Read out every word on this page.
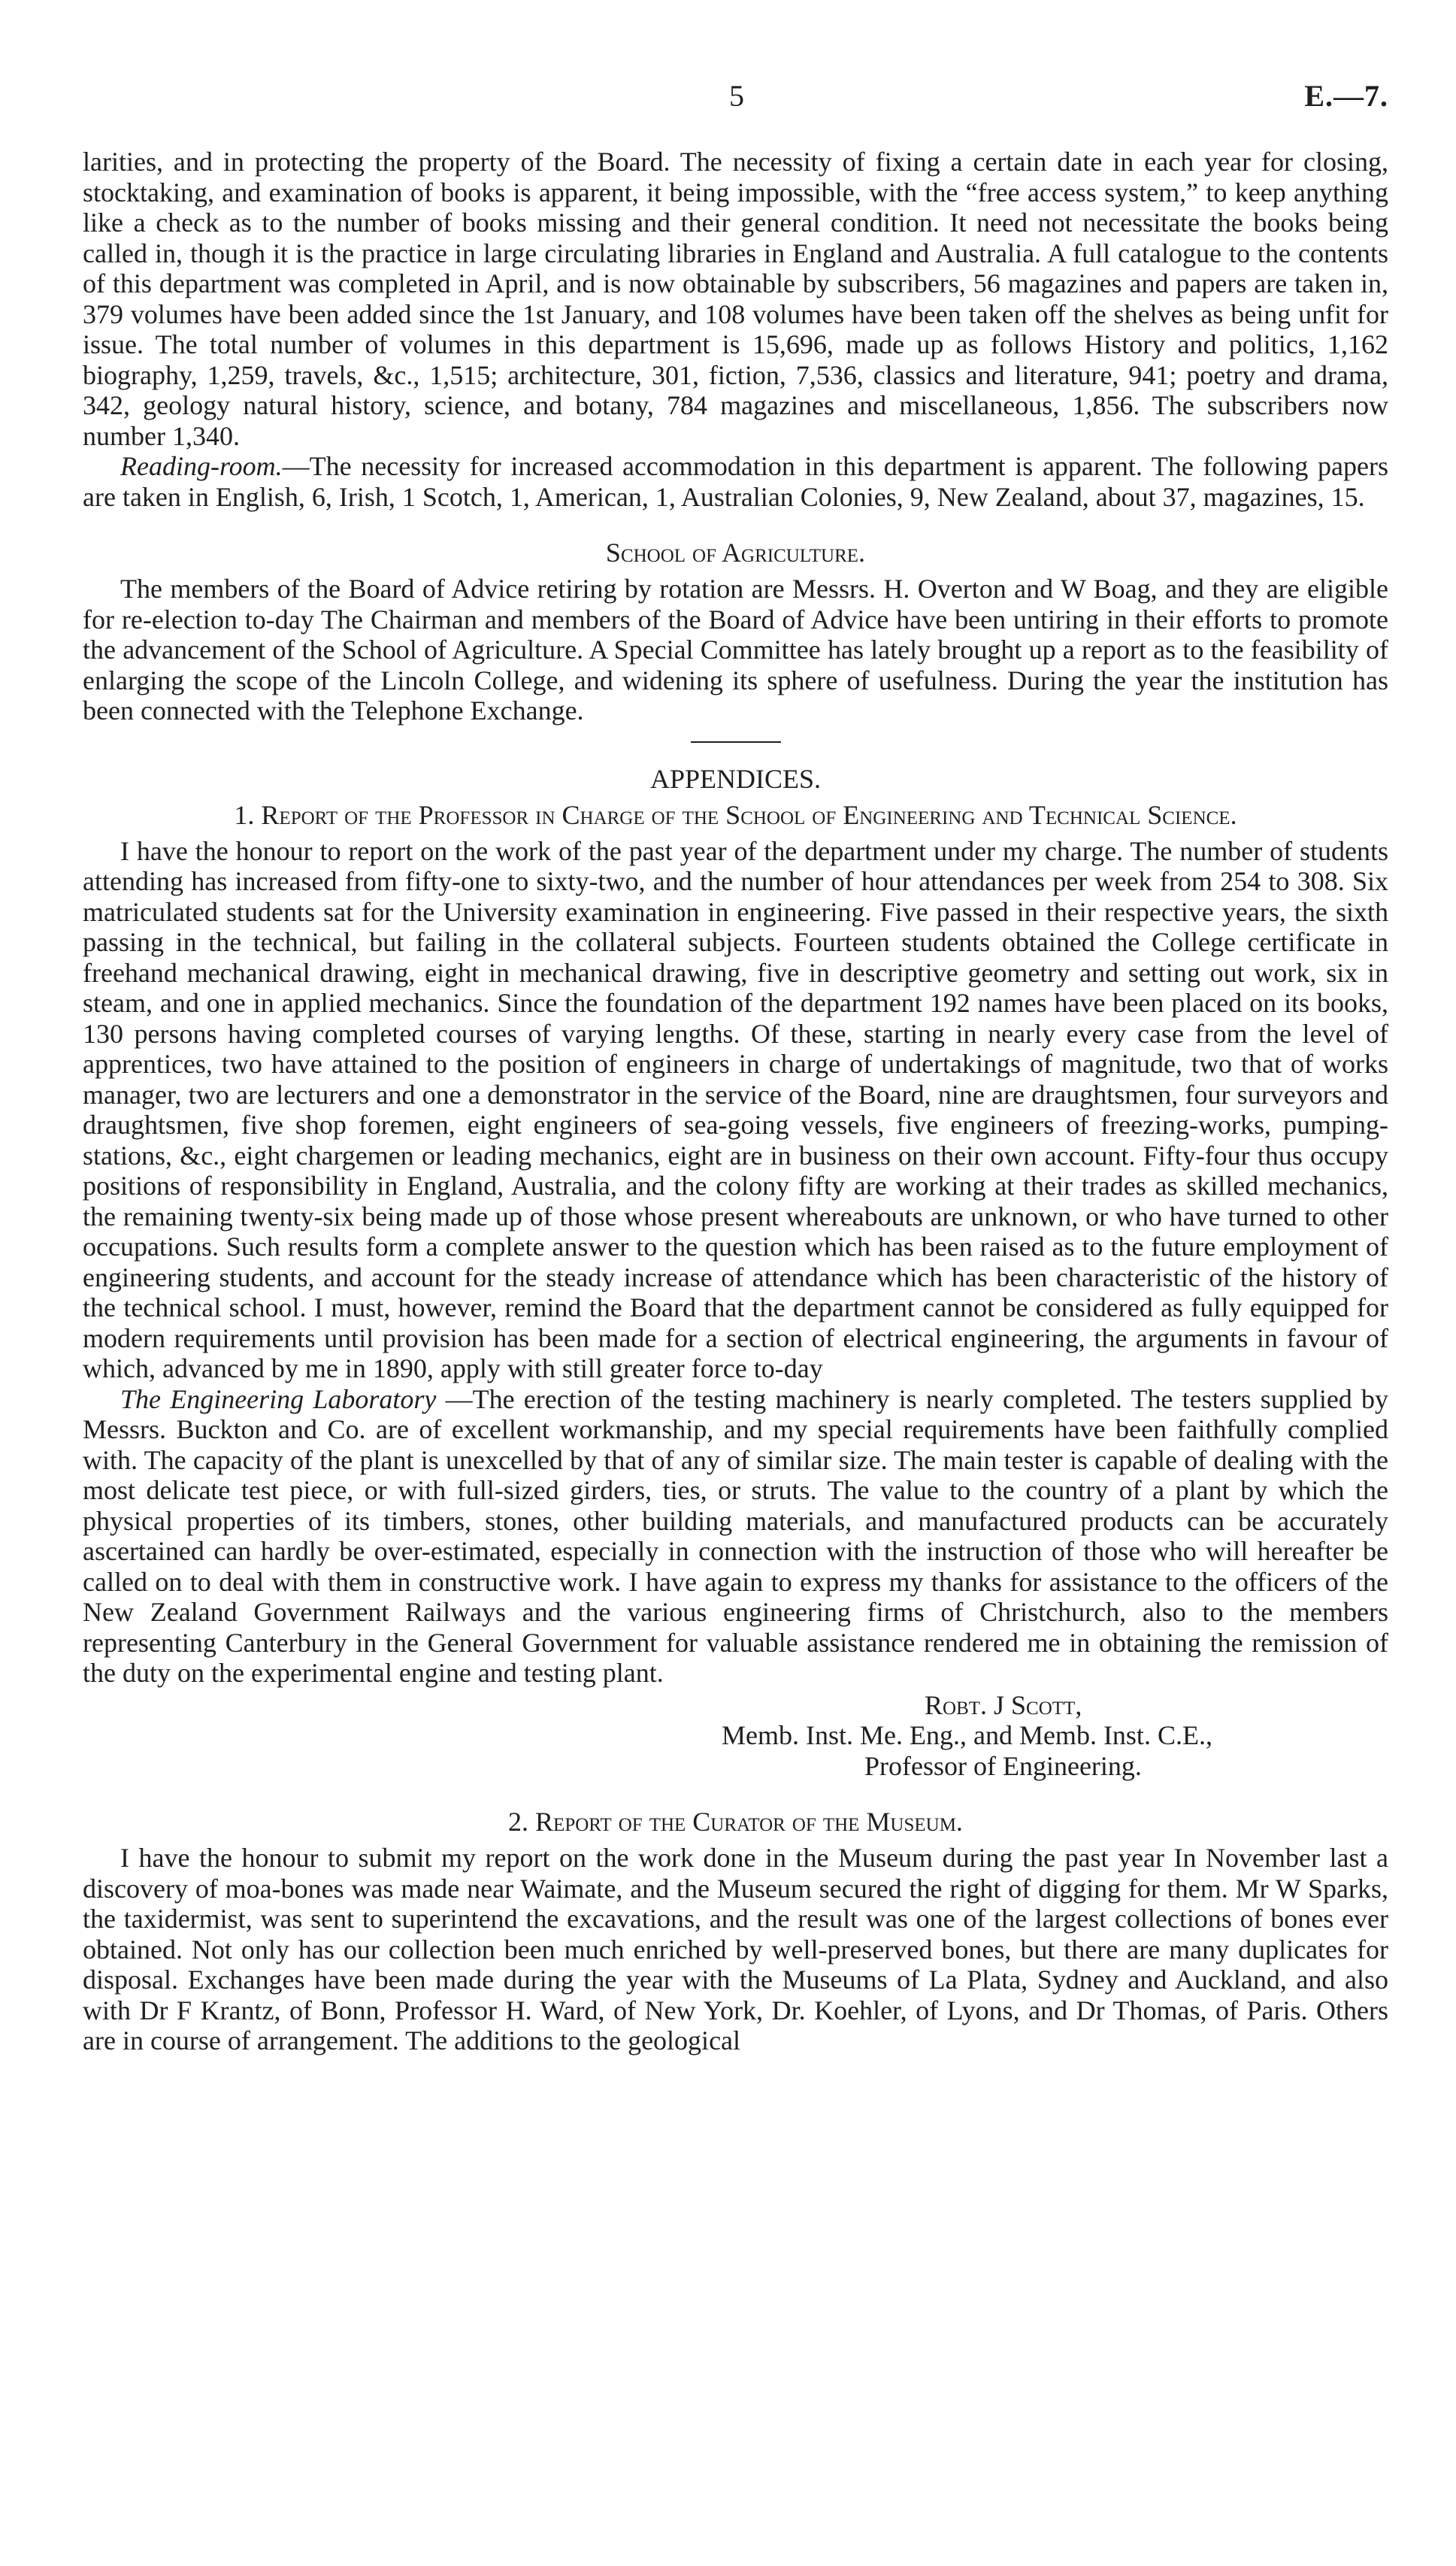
5	E.—7.

larities, and in protecting the property of the Board. The necessity of fixing a certain date in each year for closing, stocktaking, and examination of books is apparent, it being impossible, with the “free access system,” to keep anything like a check as to the number of books missing and their general condition. It need not necessitate the books being called in, though it is the practice in large circulating libraries in England and Australia. A full catalogue to the contents of this department was completed in April, and is now obtainable by subscribers, 56 magazines and papers are taken in, 379 volumes have been added since the 1st January, and 108 volumes have been taken off the shelves as being unfit for issue. The total number of volumes in this department is 15,696, made up as follows History and politics, 1,162 biography, 1,259, travels, &c., 1,515; architecture, 301, fiction, 7,536, classics and literature, 941; poetry and drama, 342, geology natural history, science, and botany, 784 magazines and miscellaneous, 1,856. The subscribers now number 1,340.

Reading-room.—The necessity for increased accommodation in this department is apparent. The following papers are taken in English, 6, Irish, 1 Scotch, 1, American, 1, Australian Colonies, 9, New Zealand, about 37, magazines, 15.

School of Agriculture.

The members of the Board of Advice retiring by rotation are Messrs. H. Overton and W Boag, and they are eligible for re-election to-day The Chairman and members of the Board of Advice have been untiring in their efforts to promote the advancement of the School of Agriculture. A Special Committee has lately brought up a report as to the feasibility of enlarging the scope of the Lincoln College, and widening its sphere of usefulness. During the year the institution has been connected with the Telephone Exchange.

APPENDICES.
1. Report of the Professor in Charge of the School of Engineering and Technical Science.

I have the honour to report on the work of the past year of the department under my charge. The number of students attending has increased from fifty-one to sixty-two, and the number of hour attendances per week from 254 to 308. Six matriculated students sat for the University examination in engineering. Five passed in their respective years, the sixth passing in the technical, but failing in the collateral subjects. Fourteen students obtained the College certificate in freehand mechanical drawing, eight in mechanical drawing, five in descriptive geometry and setting out work, six in steam, and one in applied mechanics. Since the foundation of the department 192 names have been placed on its books, 130 persons having completed courses of varying lengths. Of these, starting in nearly every case from the level of apprentices, two have attained to the position of engineers in charge of undertakings of magnitude, two that of works manager, two are lecturers and one a demonstrator in the service of the Board, nine are draughtsmen, four surveyors and draughtsmen, five shop foremen, eight engineers of sea-going vessels, five engineers of freezing-works, pumping-stations, &c., eight chargemen or leading mechanics, eight are in business on their own account. Fifty-four thus occupy positions of responsibility in England, Australia, and the colony fifty are working at their trades as skilled mechanics, the remaining twenty-six being made up of those whose present whereabouts are unknown, or who have turned to other occupations. Such results form a complete answer to the question which has been raised as to the future employment of engineering students, and account for the steady increase of attendance which has been characteristic of the history of the technical school. I must, however, remind the Board that the department cannot be considered as fully equipped for modern requirements until provision has been made for a section of electrical engineering, the arguments in favour of which, advanced by me in 1890, apply with still greater force to-day

The Engineering Laboratory —The erection of the testing machinery is nearly completed. The testers supplied by Messrs. Buckton and Co. are of excellent workmanship, and my special requirements have been faithfully complied with. The capacity of the plant is unexcelled by that of any of similar size. The main tester is capable of dealing with the most delicate test piece, or with full-sized girders, ties, or struts. The value to the country of a plant by which the physical properties of its timbers, stones, other building materials, and manufactured products can be accurately ascertained can hardly be over-estimated, especially in connection with the instruction of those who will hereafter be called on to deal with them in constructive work. I have again to express my thanks for assistance to the officers of the New Zealand Government Railways and the various engineering firms of Christchurch, also to the members representing Canterbury in the General Government for valuable assistance rendered me in obtaining the remission of the duty on the experimental engine and testing plant.

Robt. J Scott,
Memb. Inst. Me. Eng., and Memb. Inst. C.E.,
Professor of Engineering.
2. Report of the Curator of the Museum.

I have the honour to submit my report on the work done in the Museum during the past year In November last a discovery of moa-bones was made near Waimate, and the Museum secured the right of digging for them. Mr W Sparks, the taxidermist, was sent to superintend the excavations, and the result was one of the largest collections of bones ever obtained. Not only has our collection been much enriched by well-preserved bones, but there are many duplicates for disposal. Exchanges have been made during the year with the Museums of La Plata, Sydney and Auckland, and also with Dr F Krantz, of Bonn, Professor H. Ward, of New York, Dr. Koehler, of Lyons, and Dr Thomas, of Paris. Others are in course of arrangement. The additions to the geological
